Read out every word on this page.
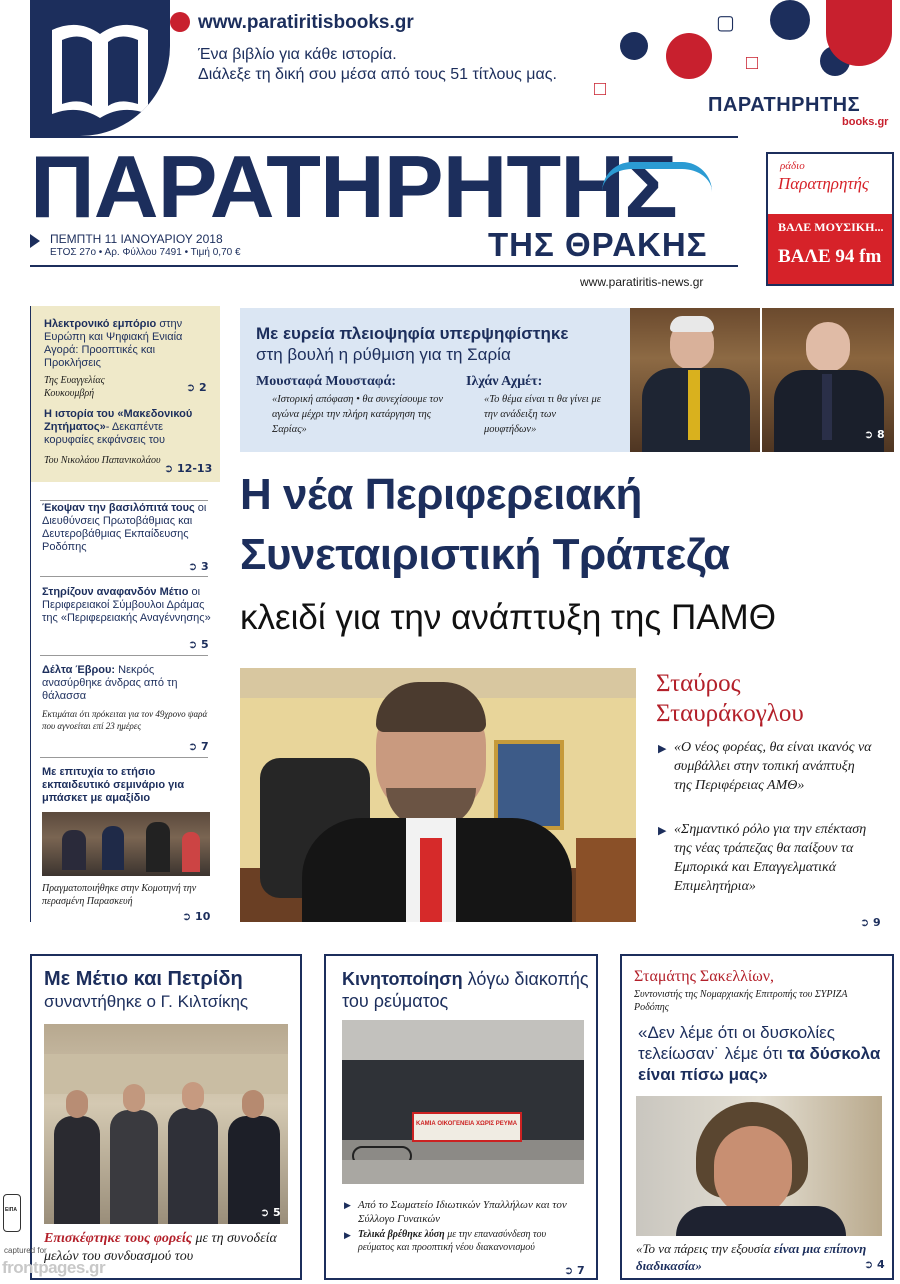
www.paratiritisbooks.gr
Ένα βιβλίο για κάθε ιστορία.
Διάλεξε τη δική σου μέσα από τους 51 τίτλους μας.
▢
□
□
ΠΑΡΑΤΗΡΗΤΗΣ
books.gr
ΠΑΡΑΤΗΡΗΤΗΣ
ΠΕΜΠΤΗ 11 ΙΑΝΟΥΑΡΙΟΥ 2018
ΕΤΟΣ 27ο • Αρ. Φύλλου 7491 • Τιμή 0,70 €	ΤΗΣ ΘΡΑΚΗΣ
www.paratiritis-news.gr
ράδιο
Παρατηρητής
ΒΑΛΕ ΜΟΥΣΙΚΗ...
ΒΑΛΕ 94 fm
Ηλεκτρονικό εμπόριο στην Ευρώπη και Ψηφιακή Ενιαία Αγορά: Προοπτικές και Προκλήσεις
Της Ευαγγελίας Κουκουμβρή	➲ 2
Η ιστορία του «Μακεδονικού Ζητήματος»- Δεκαπέντε κορυφαίες εκφάνσεις του
Του Νικολάου Παπανικολάου
➲ 12-13
Έκοψαν την βασιλόπιτά τους οι Διευθύνσεις Πρωτοβάθμιας και Δευτεροβάθμιας Εκπαίδευσης Ροδόπης
➲ 3
Στηρίζουν αναφανδόν Μέτιο οι Περιφερειακοί Σύμβουλοι Δράμας της «Περιφερειακής Αναγέννησης»
➲ 5
Δέλτα Έβρου: Νεκρός ανασύρθηκε άνδρας από τη θάλασσα
Εκτιμάται ότι πρόκειται για τον 49χρονο ψαρά που αγνοείται επί 23 ημέρες
➲ 7
Με επιτυχία το ετήσιο εκπαιδευτικό σεμινάριο για μπάσκετ με αμαξίδιο
Πραγματοποιήθηκε στην Κομοτηνή την περασμένη Παρασκευή
➲ 10
Με ευρεία πλειοψηφία υπερψηφίστηκε
στη βουλή η ρύθμιση για τη Σαρία
Μουσταφά Μουσταφά:
«Ιστορική απόφαση • θα συνεχίσουμε τον αγώνα μέχρι την πλήρη κατάργηση της Σαρίας»
Ιλχάν Αχμέτ:
«Το θέμα είναι τι θα γίνει με την ανάδειξη των μουφτήδων»	➲ 8
Η νέα Περιφερειακή
Συνεταιριστική Τράπεζα
κλειδί για την ανάπτυξη της ΠΑΜΘ
Σταύρος
Σταυράκογλου
▶ «Ο νέος φορέας, θα είναι ικανός να συμβάλλει στην τοπική ανάπτυξη της Περιφέρειας ΑΜΘ»
▶ «Σημαντικό ρόλο για την επέκταση της νέας τράπεζας θα παίξουν τα Εμπορικά και Επαγγελματικά Επιμελητήρια»
➲ 9
Με Μέτιο και Πετρίδη
συναντήθηκε ο Γ. Κιλτσίκης
➲ 5
Επισκέφτηκε τους φορείς με τη συνοδεία μελών του συνδυασμού του
Κινητοποίηση λόγω διακοπής του ρεύματος
ΚΑΜΙΑ ΟΙΚΟΓΕΝΕΙΑ ΧΩΡΙΣ ΡΕΥΜΑ
▶ Από το Σωματείο Ιδιωτικών Υπαλλήλων και τον Σύλλογο Γυναικών
▶ Τελικά βρέθηκε λύση με την επανασύνδεση του ρεύματος και προοπτική νέου διακανονισμού
➲ 7
Σταμάτης Σακελλίων,
Συντονιστής της Νομαρχιακής Επιτροπής του ΣΥΡΙΖΑ Ροδόπης
«Δεν λέμε ότι οι δυσκολίες τελείωσαν˙ λέμε ότι τα δύσκολα είναι πίσω μας»
«Το να πάρεις την εξουσία είναι μια επίπονη διαδικασία»	➲ 4
ΕΙΠΑ
captured for
frontpages.gr
